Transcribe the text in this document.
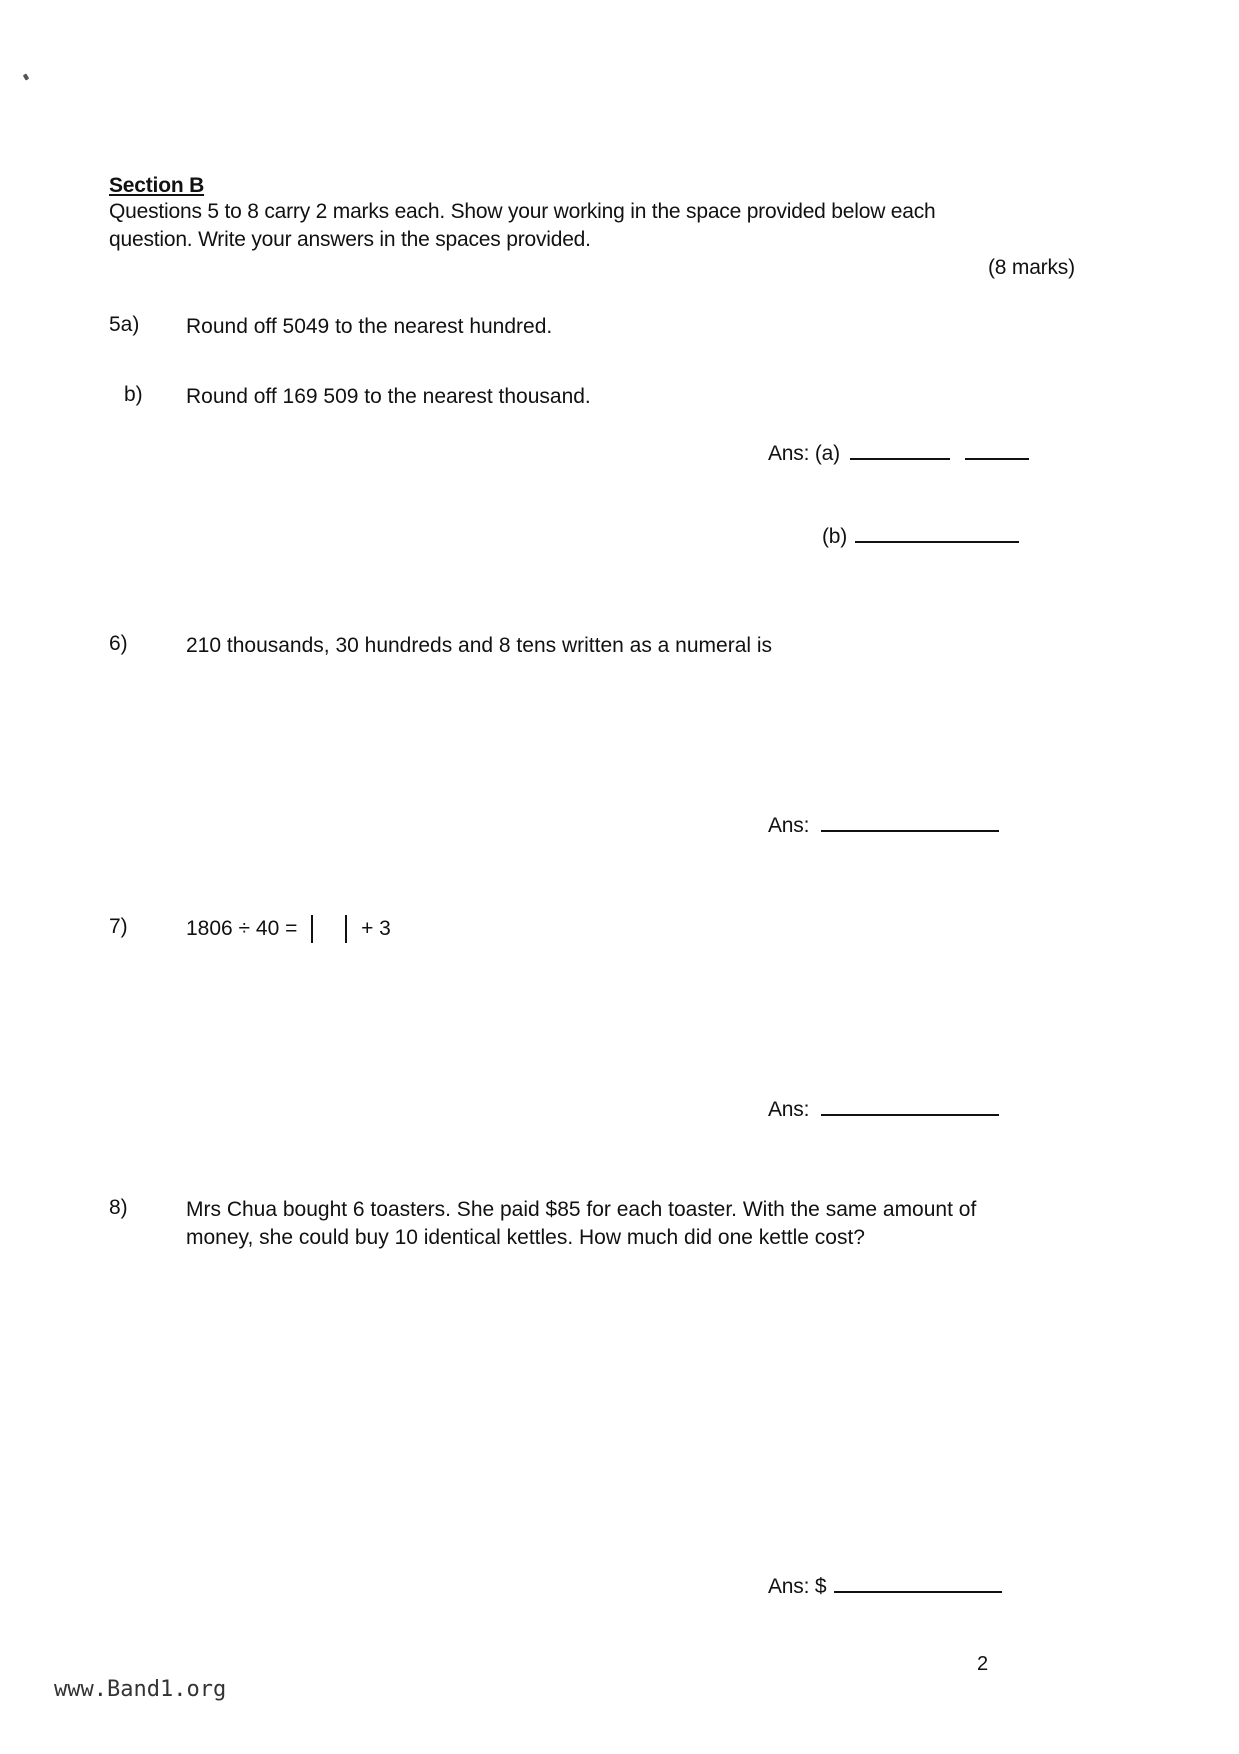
Section B
Questions 5 to 8 carry 2 marks each. Show your working in the space provided below each
question. Write your answers in the spaces provided.
(8 marks)
5a) Round off 5049 to the nearest hundred.
b) Round off 169 509 to the nearest thousand.
Ans: (a)
(b)
6)	210 thousands, 30 hundreds and 8 tens written as a numeral is
Ans:
7)	1806 ÷ 40 =	+ 3
Ans:
8)	Mrs Chua bought 6 toasters. She paid $85 for each toaster. With the same amount of
money, she could buy 10 identical kettles. How much did one kettle cost?
Ans: $
2
www.Band1.org
